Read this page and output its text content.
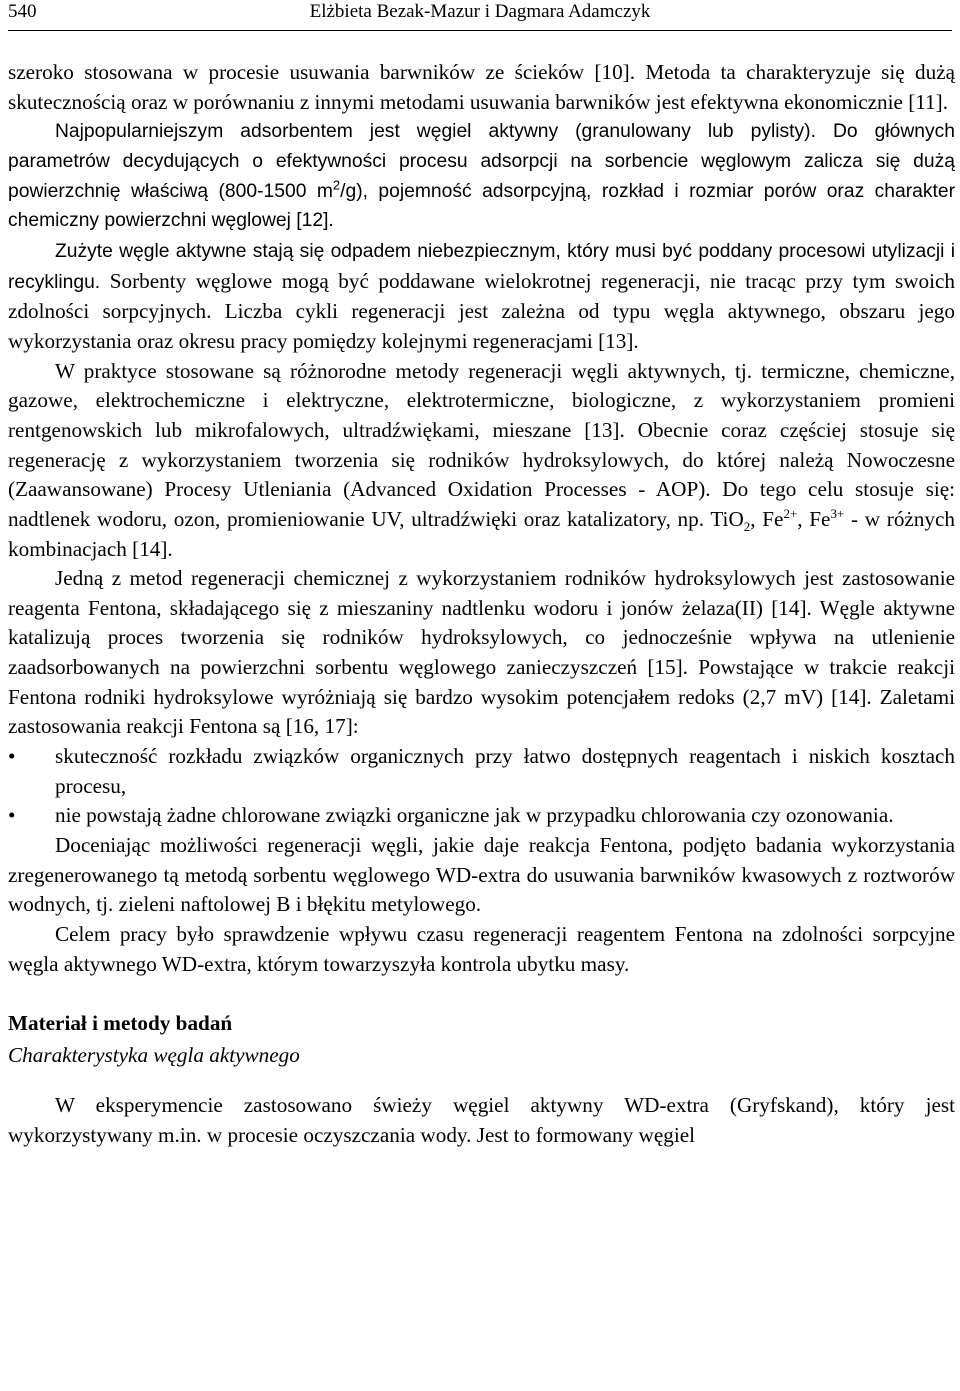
540	Elżbieta Bezak-Mazur i Dagmara Adamczyk

szeroko stosowana w procesie usuwania barwników ze ścieków [10]. Metoda ta charakteryzuje się dużą skutecznością oraz w porównaniu z innymi metodami usuwania barwników jest efektywna ekonomicznie [11].

Najpopularniejszym adsorbentem jest węgiel aktywny (granulowany lub pylisty). Do głównych parametrów decydujących o efektywności procesu adsorpcji na sorbencie węglowym zalicza się dużą powierzchnię właściwą (800-1500 $m^2/g$), pojemność adsorpcyjną, rozkład i rozmiar porów oraz charakter chemiczny powierzchni węglowej [12].

Zużyte węgle aktywne stają się odpadem niebezpiecznym, który musi być poddany procesowi utylizacji i recyklingu. Sorbenty węglowe mogą być poddawane wielokrotnej regeneracji, nie tracąc przy tym swoich zdolności sorpcyjnych. Liczba cykli regeneracji jest zależna od typu węgla aktywnego, obszaru jego wykorzystania oraz okresu pracy pomiędzy kolejnymi regeneracjami [13].

W praktyce stosowane są różnorodne metody regeneracji węgli aktywnych, tj. termiczne, chemiczne, gazowe, elektrochemiczne i elektryczne, elektrotermiczne, biologiczne, z wykorzystaniem promieni rentgenowskich lub mikrofalowych, ultradźwiękami, mieszane [13]. Obecnie coraz częściej stosuje się regenerację z wykorzystaniem tworzenia się rodników hydroksylowych, do której należą Nowoczesne (Zaawansowane) Procesy Utleniania (Advanced Oxidation Processes - AOP). Do tego celu stosuje się: nadtlenek wodoru, ozon, promieniowanie UV, ultradźwięki oraz katalizatory, np. TiO$_2$, $Fe^{2+}$, $Fe^{3+}$ - w różnych kombinacjach [14].

Jedną z metod regeneracji chemicznej z wykorzystaniem rodników hydroksylowych jest zastosowanie reagenta Fentona, składającego się z mieszaniny nadtlenku wodoru i jonów żelaza(II) [14]. Węgle aktywne katalizują proces tworzenia się rodników hydroksylowych, co jednocześnie wpływa na utlenienie zaadsorbowanych na powierzchni sorbentu węglowego zanieczyszczeń [15]. Powstające w trakcie reakcji Fentona rodniki hydroksylowe wyróżniają się bardzo wysokim potencjałem redoks (2,7 mV) [14]. Zaletami zastosowania reakcji Fentona są [16, 17]:

• skuteczność rozkładu związków organicznych przy łatwo dostępnych reagentach i niskich kosztach procesu,
• nie powstają żadne chlorowane związki organiczne jak w przypadku chlorowania czy ozonowania.

Doceniając możliwości regeneracji węgli, jakie daje reakcja Fentona, podjęto badania wykorzystania zregenerowanego tą metodą sorbentu węglowego WD-extra do usuwania barwników kwasowych z roztworów wodnych, tj. zieleni naftolowej B i błękitu metylowego.

Celem pracy było sprawdzenie wpływu czasu regeneracji reagentem Fentona na zdolności sorpcyjne węgla aktywnego WD-extra, którym towarzyszyła kontrola ubytku masy.

Materiał i metody badań

Charakterystyka węgla aktywnego

W eksperymencie zastosowano świeży węgiel aktywny WD-extra (Gryfskand), który jest wykorzystywany m.in. w procesie oczyszczania wody. Jest to formowany węgiel
